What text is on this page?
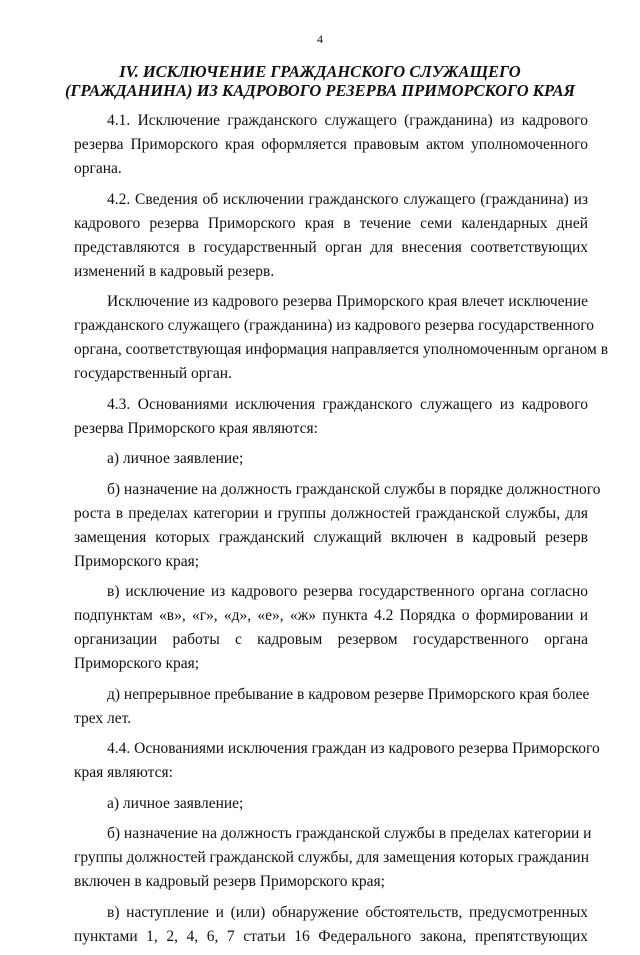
4
IV. ИСКЛЮЧЕНИЕ ГРАЖДАНСКОГО СЛУЖАЩЕГО
(ГРАЖДАНИНА) ИЗ КАДРОВОГО РЕЗЕРВА ПРИМОРСКОГО КРАЯ
4.1. Исключение гражданского служащего (гражданина) из кадрового
резерва Приморского края оформляется правовым актом уполномоченного
органа.
4.2. Сведения об исключении гражданского служащего (гражданина) из
кадрового резерва Приморского края в течение семи календарных дней
представляются в государственный орган для внесения соответствующих
изменений в кадровый резерв.
Исключение из кадрового резерва Приморского края влечет исключение
гражданского служащего (гражданина) из кадрового резерва государственного
органа, соответствующая информация направляется уполномоченным органом в
государственный орган.
4.3. Основаниями исключения гражданского служащего из кадрового
резерва Приморского края являются:
а) личное заявление;
б) назначение на должность гражданской службы в порядке должностного
роста в пределах категории и группы должностей гражданской службы, для
замещения которых гражданский служащий включен в кадровый резерв
Приморского края;
в) исключение из кадрового резерва государственного органа согласно
подпунктам «в», «г», «д», «е», «ж» пункта 4.2 Порядка о формировании и
организации работы с кадровым резервом государственного органа
Приморского края;
д) непрерывное пребывание в кадровом резерве Приморского края более
трех лет.
4.4. Основаниями исключения граждан из кадрового резерва Приморского
края являются:
а) личное заявление;
б) назначение на должность гражданской службы в пределах категории и
группы должностей гражданской службы, для замещения которых гражданин
включен в кадровый резерв Приморского края;
в) наступление и (или) обнаружение обстоятельств, предусмотренных
пунктами 1, 2, 4, 6, 7 статьи 16 Федерального закона, препятствующих
